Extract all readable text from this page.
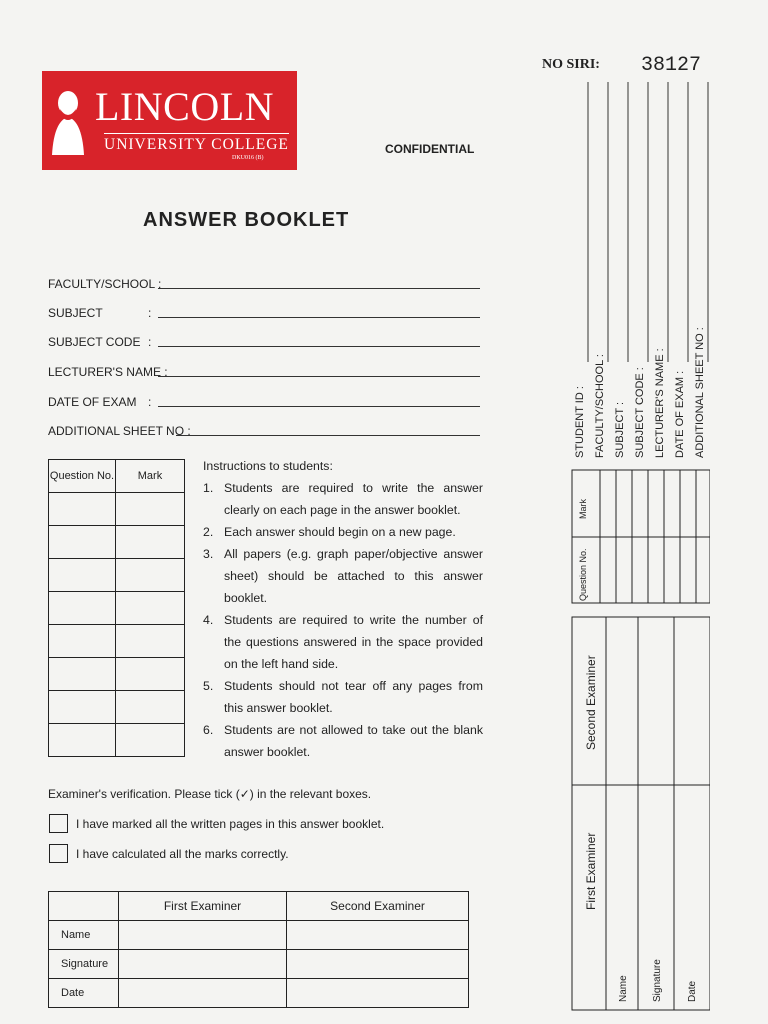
LINCOLN
UNIVERSITY COLLEGE
DKU016 (B)
NO SIRI: 38127
CONFIDENTIAL
ANSWER BOOKLET
FACULTY/SCHOOL :
SUBJECT	:
SUBJECT CODE :
LECTURER'S NAME :
DATE OF EXAM :
ADDITIONAL SHEET NO :
Question No.	Mark

Instructions to students:
1. Students are required to write the answer clearly on each page in the answer booklet.
2. Each answer should begin on a new page.
3. All papers (e.g. graph paper/objective answer sheet) should be attached to this answer booklet.
4. Students are required to write the number of the questions answered in the space provided on the left hand side.
5. Students should not tear off any pages from this answer booklet.
6. Students are not allowed to take out the blank answer booklet.
Examiner's verification. Please tick (✓) in the relevant boxes.
I have marked all the written pages in this answer booklet.
I have calculated all the marks correctly.
	First Examiner	Second Examiner
Name		
Signature		
Date		
STUDENT ID : FACULTY/SCHOOL : SUBJECT : SUBJECT CODE : LECTURER'S NAME : DATE OF EXAM : ADDITIONAL SHEET NO :
Question No.
Mark
Second Examiner
First Examiner
Name Signature Date
